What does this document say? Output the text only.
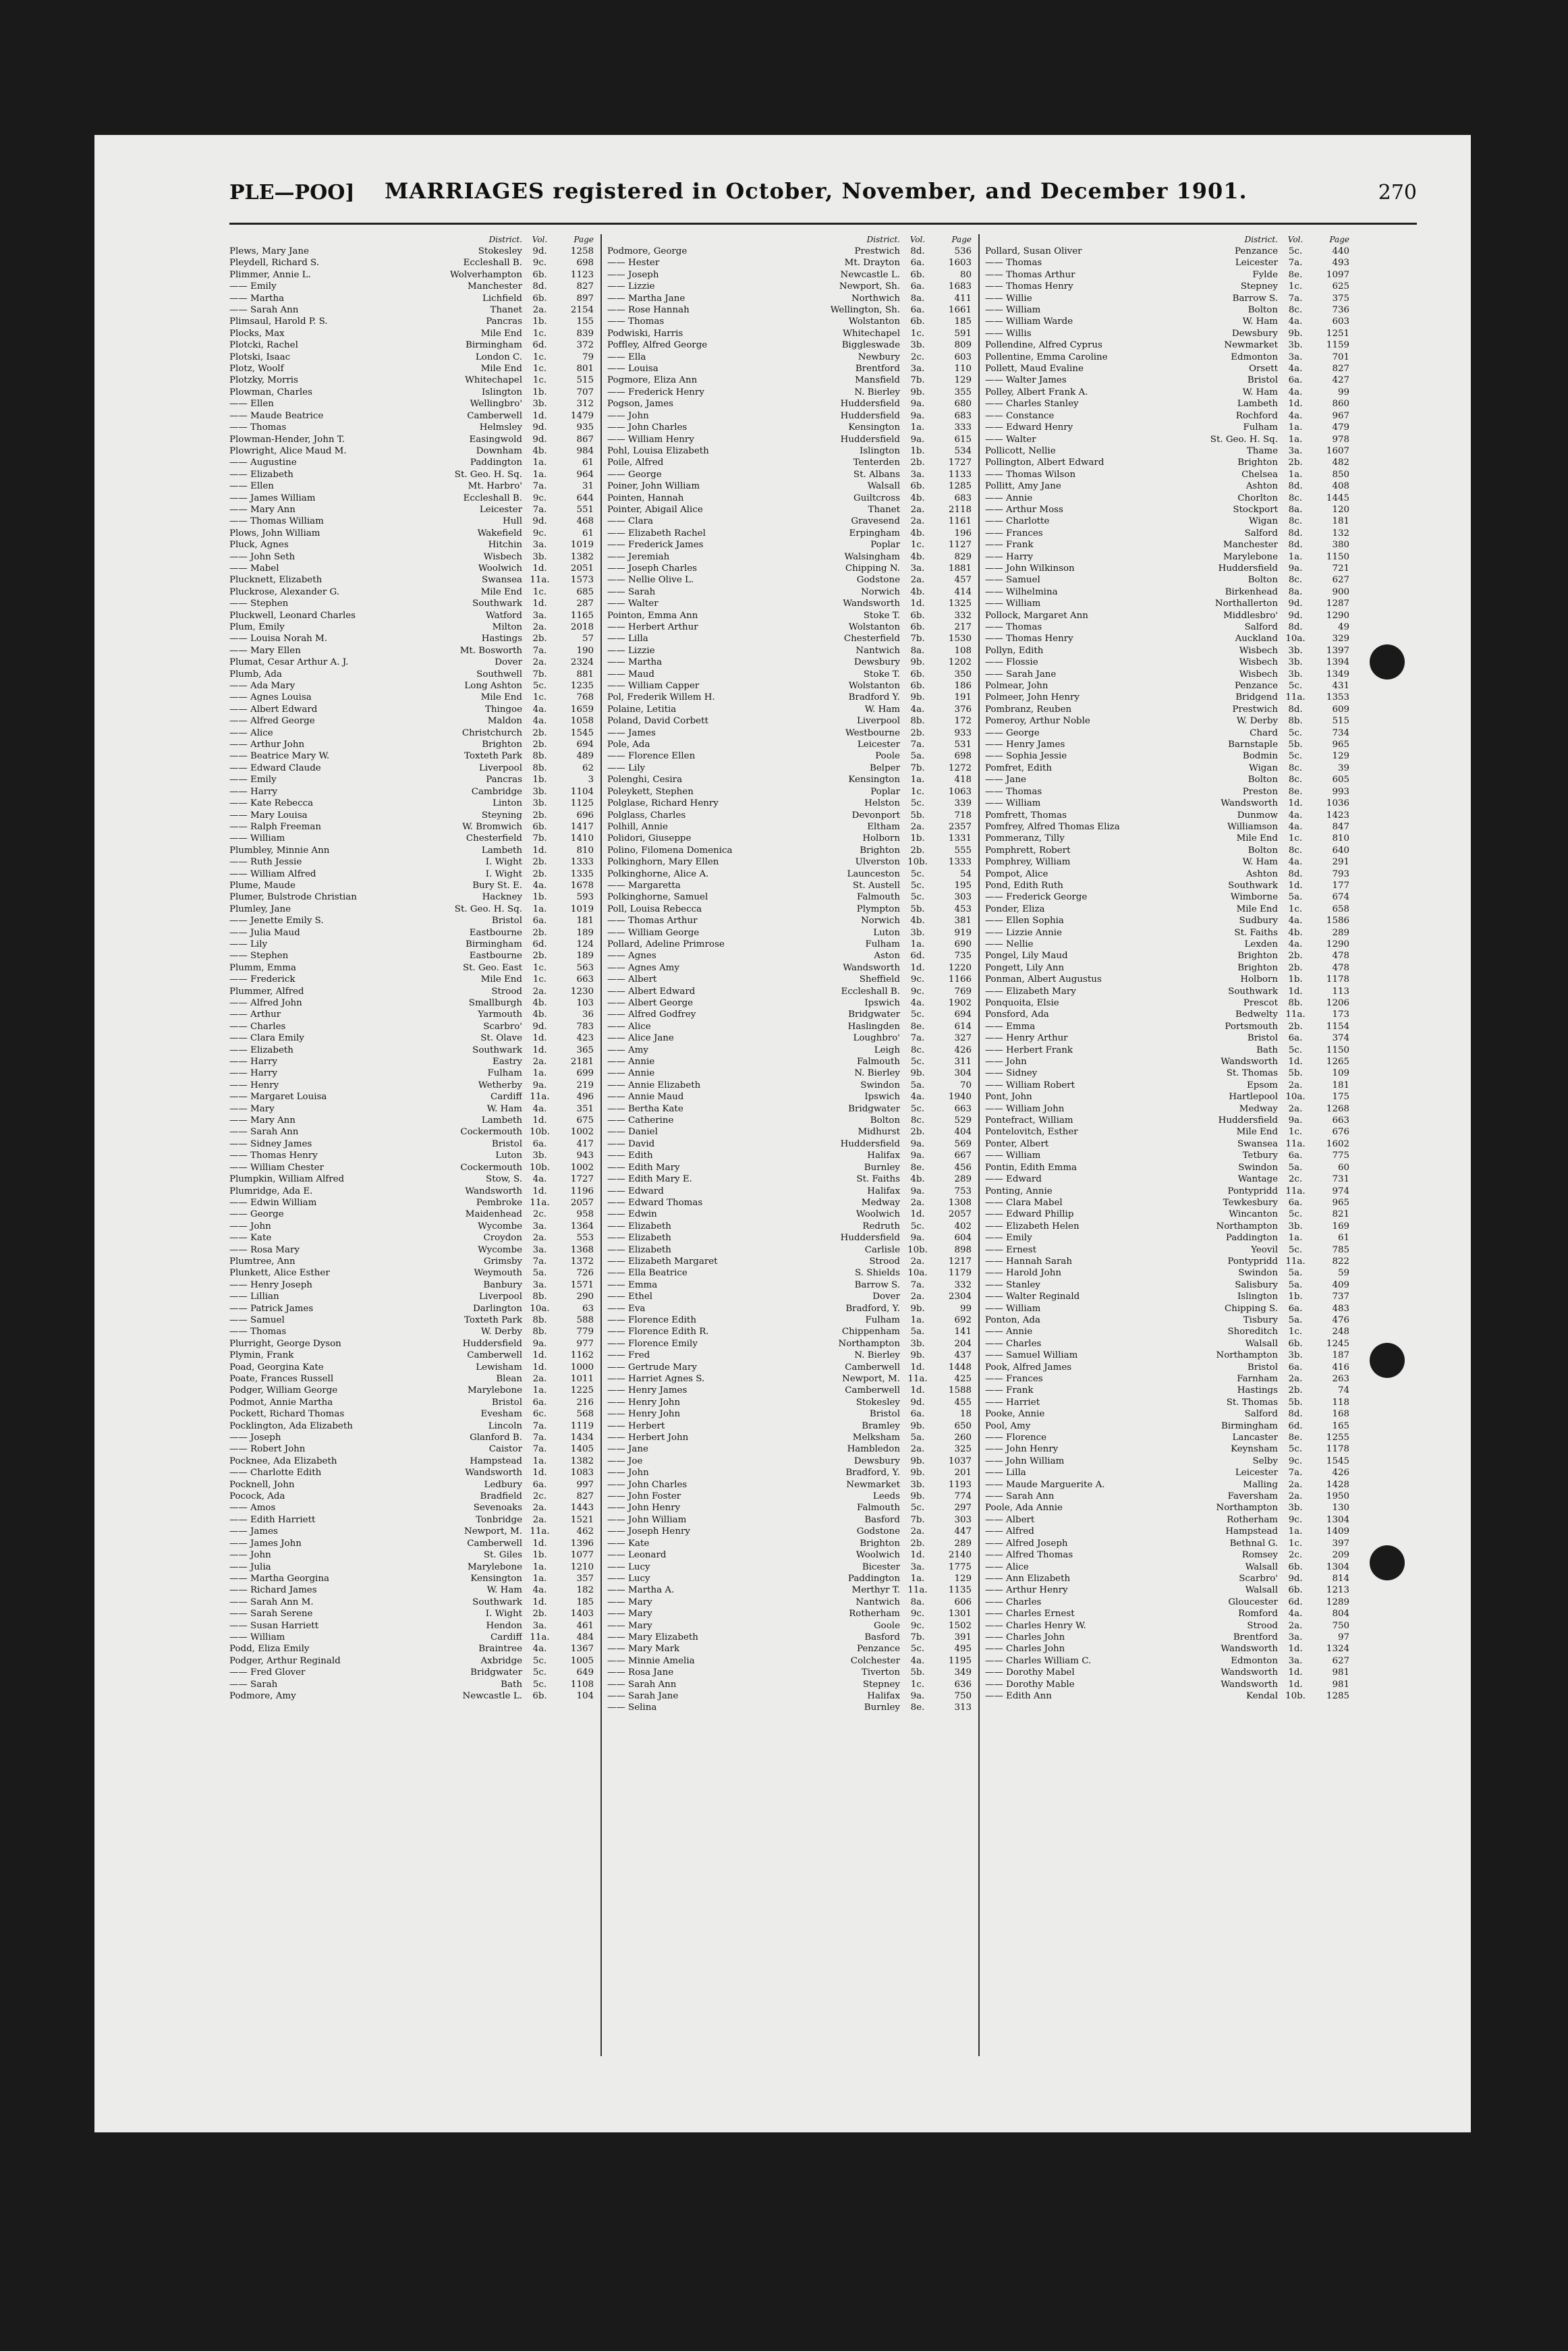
PLE—POO] MARRIAGES registered in October, November, and December 1901.	270
District.	Vol.	Page
Plews, Mary Jane	Stokesley	9d.	1258
Pleydell, Richard S.	Eccleshall B.	9c.	698
Plimmer, Annie L.	Wolverhampton	6b.	1123
—— Emily	Manchester	8d.	827
—— Martha	Lichfield	6b.	897
—— Sarah Ann	Thanet	2a.	2154
Plimsaul, Harold P. S.	Pancras	1b.	155
Plocks, Max	Mile End	1c.	839
Plotcki, Rachel	Birmingham	6d.	372
Plotski, Isaac	London C.	1c.	79
Plotz, Woolf	Mile End	1c.	801
Plotzky, Morris	Whitechapel	1c.	515
Plowman, Charles	Islington	1b.	707
—— Ellen	Wellingbro'	3b.	312
—— Maude Beatrice	Camberwell	1d.	1479
—— Thomas	Helmsley	9d.	935
Plowman-Hender, John T.	Easingwold	9d.	867
Plowright, Alice Maud M.	Downham	4b.	984
—— Augustine	Paddington	1a.	61
—— Elizabeth	St. Geo. H. Sq.	1a.	964
—— Ellen	Mt. Harbro'	7a.	31
—— James William	Eccleshall B.	9c.	644
—— Mary Ann	Leicester	7a.	551
—— Thomas William	Hull	9d.	468
Plows, John William	Wakefield	9c.	61
Pluck, Agnes	Hitchin	3a.	1019
—— John Seth	Wisbech	3b.	1382
—— Mabel	Woolwich	1d.	2051
Plucknett, Elizabeth	Swansea 11a.	1573
Pluckrose, Alexander G.	Mile End	1c.	685
—— Stephen	Southwark	1d.	287
Pluckwell, Leonard Charles	Watford	3a.	1165
Plum, Emily	Milton	2a.	2018
—— Louisa Norah M.	Hastings	2b.	57
—— Mary Ellen	Mt. Bosworth	7a.	190
Plumat, Cesar Arthur A. J.	Dover	2a.	2324
Plumb, Ada	Southwell	7b.	881
—— Ada Mary	Long Ashton	5c.	1235
—— Agnes Louisa	Mile End	1c.	768
—— Albert Edward	Thingoe	4a.	1659
—— Alfred George	Maldon	4a.	1058
—— Alice	Christchurch	2b.	1545
—— Arthur John	Brighton	2b.	694
—— Beatrice Mary W.	Toxteth Park	8b.	489
—— Edward Claude	Liverpool	8b.	62
—— Emily	Pancras	1b.	3
—— Harry	Cambridge	3b.	1104
—— Kate Rebecca	Linton	3b.	1125
—— Mary Louisa	Steyning	2b.	696
—— Ralph Freeman	W. Bromwich	6b.	1417
—— William	Chesterfield	7b.	1410
Plumbley, Minnie Ann	Lambeth	1d.	810
—— Ruth Jessie	I. Wight	2b.	1333
—— William Alfred	I. Wight	2b.	1335
Plume, Maude	Bury St. E.	4a.	1678
Plumer, Bulstrode Christian	Hackney	1b.	593
Plumley, Jane	St. Geo. H. Sq.	1a.	1019
—— Jenette Emily S.	Bristol	6a.	181
—— Julia Maud	Eastbourne	2b.	189
—— Lily	Birmingham	6d.	124
—— Stephen	Eastbourne	2b.	189
Plumm, Emma	St. Geo. East	1c.	563
—— Frederick	Mile End	1c.	663
Plummer, Alfred	Strood	2a.	1230
—— Alfred John	Smallburgh	4b.	103
—— Arthur	Yarmouth	4b.	36
—— Charles	Scarbro'	9d.	783
—— Clara Emily	St. Olave	1d.	423
—— Elizabeth	Southwark	1d.	365
—— Harry	Eastry	2a.	2181
—— Harry	Fulham	1a.	699
—— Henry	Wetherby	9a.	219
—— Margaret Louisa	Cardiff 11a.	496
—— Mary	W. Ham	4a.	351
—— Mary Ann	Lambeth	1d.	675
—— Sarah Ann	Cockermouth 10b.	1002
—— Sidney James	Bristol	6a.	417
—— Thomas Henry	Luton	3b.	943
—— William Chester	Cockermouth 10b.	1002
Plumpkin, William Alfred	Stow, S.	4a.	1727
Plumridge, Ada E.	Wandsworth	1d.	1196
—— Edwin William	Pembroke 11a.	2057
—— George	Maidenhead	2c.	958
—— John	Wycombe	3a.	1364
—— Kate	Croydon	2a.	553
—— Rosa Mary	Wycombe	3a.	1368
Plumtree, Ann	Grimsby	7a.	1372
Plunkett, Alice Esther	Weymouth	5a.	726
—— Henry Joseph	Banbury	3a.	1571
—— Lillian	Liverpool	8b.	290
—— Patrick James	Darlington 10a.	63
—— Samuel	Toxteth Park	8b.	588
—— Thomas	W. Derby	8b.	779
Plurright, George Dyson	Huddersfield	9a.	977
Plymin, Frank	Camberwell	1d.	1162
Poad, Georgina Kate	Lewisham	1d.	1000
Poate, Frances Russell	Blean	2a.	1011
Podger, William George	Marylebone	1a.	1225
Podmot, Annie Martha	Bristol	6a.	216
Pockett, Richard Thomas	Evesham	6c.	568
Pocklington, Ada Elizabeth	Lincoln	7a.	1119
—— Joseph	Glanford B.	7a.	1434
—— Robert John	Caistor	7a.	1405
Pocknee, Ada Elizabeth	Hampstead	1a.	1382
—— Charlotte Edith	Wandsworth	1d.	1083
Pocknell, John	Ledbury	6a.	997
Pocock, Ada	Bradfield	2c.	827
—— Amos	Sevenoaks	2a.	1443
—— Edith Harriett	Tonbridge	2a.	1521
—— James	Newport, M. 11a.	462
—— James John	Camberwell	1d.	1396
—— John	St. Giles	1b.	1077
—— Julia	Marylebone	1a.	1210
—— Martha Georgina	Kensington	1a.	357
—— Richard James	W. Ham	4a.	182
—— Sarah Ann M.	Southwark	1d.	185
—— Sarah Serene	I. Wight	2b.	1403
—— Susan Harriett	Hendon	3a.	461
—— William	Cardiff 11a.	484
Podd, Eliza Emily	Braintree	4a.	1367
Podger, Arthur Reginald	Axbridge	5c.	1005
—— Fred Glover	Bridgwater	5c.	649
—— Sarah	Bath	5c.	1108
Podmore, Amy	Newcastle L.	6b.	104
District.	Vol.	Page
Podmore, George	Prestwich	8d.	536
—— Hester	Mt. Drayton	6a.	1603
—— Joseph	Newcastle L.	6b.	80
—— Lizzie	Newport, Sh.	6a.	1683
—— Martha Jane	Northwich	8a.	411
—— Rose Hannah	Wellington, Sh.	6a.	1661
—— Thomas	Wolstanton	6b.	185
Podwiski, Harris	Whitechapel	1c.	591
Poffley, Alfred George	Biggleswade	3b.	809
—— Ella	Newbury	2c.	603
—— Louisa	Brentford	3a.	110
Pogmore, Eliza Ann	Mansfield	7b.	129
—— Frederick Henry	N. Bierley	9b.	355
Pogson, James	Huddersfield	9a.	680
—— John	Huddersfield	9a.	683
—— John Charles	Kensington	1a.	333
—— William Henry	Huddersfield	9a.	615
Pohl, Louisa Elizabeth	Islington	1b.	534
Poile, Alfred	Tenterden	2b.	1727
—— George	St. Albans	3a.	1133
Poiner, John William	Walsall	6b.	1285
Pointen, Hannah	Guiltcross	4b.	683
Pointer, Abigail Alice	Thanet	2a.	2118
—— Clara	Gravesend	2a.	1161
—— Elizabeth Rachel	Erpingham	4b.	196
—— Frederick James	Poplar	1c.	1127
—— Jeremiah	Walsingham	4b.	829
—— Joseph Charles	Chipping N.	3a.	1881
—— Nellie Olive L.	Godstone	2a.	457
—— Sarah	Norwich	4b.	414
—— Walter	Wandsworth	1d.	1325
Pointon, Emma Ann	Stoke T.	6b.	332
—— Herbert Arthur	Wolstanton	6b.	217
—— Lilla	Chesterfield	7b.	1530
—— Lizzie	Nantwich	8a.	108
—— Martha	Dewsbury	9b.	1202
—— Maud	Stoke T.	6b.	350
—— William Capper	Wolstanton	6b.	186
Pol, Frederik Willem H.	Bradford Y.	9b.	191
Polaine, Letitia	W. Ham	4a.	376
Poland, David Corbett	Liverpool	8b.	172
—— James	Westbourne	2b.	933
Pole, Ada	Leicester	7a.	531
—— Florence Ellen	Poole	5a.	698
—— Lily	Belper	7b.	1272
Polenghi, Cesira	Kensington	1a.	418
Poleykett, Stephen	Poplar	1c.	1063
Polglase, Richard Henry	Helston	5c.	339
Polglass, Charles	Devonport	5b.	718
Polhill, Annie	Eltham	2a.	2357
Polidori, Giuseppe	Holborn	1b.	1331
Polino, Filomena Domenica	Brighton	2b.	555
Polkinghorn, Mary Ellen	Ulverston 10b.	1333
Polkinghorne, Alice A.	Launceston	5c.	54
—— Margaretta	St. Austell	5c.	195
Polkinghorne, Samuel	Falmouth	5c.	303
Poll, Louisa Rebecca	Plympton	5b.	453
—— Thomas Arthur	Norwich	4b.	381
—— William George	Luton	3b.	919
Pollard, Adeline Primrose	Fulham	1a.	690
—— Agnes	Aston	6d.	735
—— Agnes Amy	Wandsworth	1d.	1220
—— Albert	Sheffield	9c.	1166
—— Albert Edward	Eccleshall B.	9c.	769
—— Albert George	Ipswich	4a.	1902
—— Alfred Godfrey	Bridgwater	5c.	694
—— Alice	Haslingden	8e.	614
—— Alice Jane	Loughbro'	7a.	327
—— Amy	Leigh	8c.	426
—— Annie	Falmouth	5c.	311
—— Annie	N. Bierley	9b.	304
—— Annie Elizabeth	Swindon	5a.	70
—— Annie Maud	Ipswich	4a.	1940
—— Bertha Kate	Bridgwater	5c.	663
—— Catherine	Bolton	8c.	529
—— Daniel	Midhurst	2b.	404
—— David	Huddersfield	9a.	569
—— Edith	Halifax	9a.	667
—— Edith Mary	Burnley	8e.	456
—— Edith Mary E.	St. Faiths	4b.	289
—— Edward	Halifax	9a.	753
—— Edward Thomas	Medway	2a.	1308
—— Edwin	Woolwich	1d.	2057
—— Elizabeth	Redruth	5c.	402
—— Elizabeth	Huddersfield	9a.	604
—— Elizabeth	Carlisle 10b.	898
—— Elizabeth Margaret	Strood	2a.	1217
—— Ella Beatrice	S. Shields 10a.	1179
—— Emma	Barrow S.	7a.	332
—— Ethel	Dover	2a.	2304
—— Eva	Bradford, Y.	9b.	99
—— Florence Edith	Fulham	1a.	692
—— Florence Edith R.	Chippenham	5a.	141
—— Florence Emily	Northampton	3b.	204
—— Fred	N. Bierley	9b.	437
—— Gertrude Mary	Camberwell	1d.	1448
—— Harriet Agnes S.	Newport, M. 11a.	425
—— Henry James	Camberwell	1d.	1588
—— Henry John	Stokesley	9d.	455
—— Henry John	Bristol	6a.	18
—— Herbert	Bramley	9b.	650
—— Herbert John	Melksham	5a.	260
—— Jane	Hambledon	2a.	325
—— Joe	Dewsbury	9b.	1037
—— John	Bradford, Y.	9b.	201
—— John Charles	Newmarket	3b.	1193
—— John Foster	Leeds	9b.	774
—— John Henry	Falmouth	5c.	297
—— John William	Basford	7b.	303
—— Joseph Henry	Godstone	2a.	447
—— Kate	Brighton	2b.	289
—— Leonard	Woolwich	1d.	2140
—— Lucy	Bicester	3a.	1775
—— Lucy	Paddington	1a.	129
—— Martha A.	Merthyr T. 11a.	1135
—— Mary	Nantwich	8a.	606
—— Mary	Rotherham	9c.	1301
—— Mary	Goole	9c.	1502
—— Mary Elizabeth	Basford	7b.	391
—— Mary Mark	Penzance	5c.	495
—— Minnie Amelia	Colchester	4a.	1195
—— Rosa Jane	Tiverton	5b.	349
—— Sarah Ann	Stepney	1c.	636
—— Sarah Jane	Halifax	9a.	750
—— Selina	Burnley	8e.	313
District.	Vol.	Page
Pollard, Susan Oliver	Penzance	5c.	440
—— Thomas	Leicester	7a.	493
—— Thomas Arthur	Fylde	8e.	1097
—— Thomas Henry	Stepney	1c.	625
—— Willie	Barrow S.	7a.	375
—— William	Bolton	8c.	736
—— William Warde	W. Ham	4a.	603
—— Willis	Dewsbury	9b.	1251
Pollendine, Alfred Cyprus	Newmarket	3b.	1159
Pollentine, Emma Caroline	Edmonton	3a.	701
Pollett, Maud Evaline	Orsett	4a.	827
—— Walter James	Bristol	6a.	427
Polley, Albert Frank A.	W. Ham	4a.	99
—— Charles Stanley	Lambeth	1d.	860
—— Constance	Rochford	4a.	967
—— Edward Henry	Fulham	1a.	479
—— Walter	St. Geo. H. Sq.	1a.	978
Pollicott, Nellie	Thame	3a.	1607
Pollington, Albert Edward	Brighton	2b.	482
—— Thomas Wilson	Chelsea	1a.	850
Pollitt, Amy Jane	Ashton	8d.	408
—— Annie	Chorlton	8c.	1445
—— Arthur Moss	Stockport	8a.	120
—— Charlotte	Wigan	8c.	181
—— Frances	Salford	8d.	132
—— Frank	Manchester	8d.	380
—— Harry	Marylebone	1a.	1150
—— John Wilkinson	Huddersfield	9a.	721
—— Samuel	Bolton	8c.	627
—— Wilhelmina	Birkenhead	8a.	900
—— William	Northallerton	9d.	1287
Pollock, Margaret Ann	Middlesbro'	9d.	1290
—— Thomas	Salford	8d.	49
—— Thomas Henry	Auckland 10a.	329
Pollyn, Edith	Wisbech	3b.	1397
—— Flossie	Wisbech	3b.	1394
—— Sarah Jane	Wisbech	3b.	1349
Polmear, John	Penzance	5c.	431
Polmeer, John Henry	Bridgend 11a.	1353
Pombranz, Reuben	Prestwich	8d.	609
Pomeroy, Arthur Noble	W. Derby	8b.	515
—— George	Chard	5c.	734
—— Henry James	Barnstaple	5b.	965
—— Sophia Jessie	Bodmin	5c.	129
Pomfret, Edith	Wigan	8c.	39
—— Jane	Bolton	8c.	605
—— Thomas	Preston	8e.	993
—— William	Wandsworth	1d.	1036
Pomfrett, Thomas	Dunmow	4a.	1423
Pomfrey, Alfred Thomas Eliza	Williamson	4a.	847
Pommeranz, Tilly	Mile End	1c.	810
Pomphrett, Robert	Bolton	8c.	640
Pomphrey, William	W. Ham	4a.	291
Pompot, Alice	Ashton	8d.	793
Pond, Edith Ruth	Southwark	1d.	177
—— Frederick George	Wimborne	5a.	674
Ponder, Eliza	Mile End	1c.	658
—— Ellen Sophia	Sudbury	4a.	1586
—— Lizzie Annie	St. Faiths	4b.	289
—— Nellie	Lexden	4a.	1290
Pongel, Lily Maud	Brighton	2b.	478
Pongett, Lily Ann	Brighton	2b.	478
Ponman, Albert Augustus	Holborn	1b.	1178
—— Elizabeth Mary	Southwark	1d.	113
Ponquoita, Elsie	Prescot	8b.	1206
Ponsford, Ada	Bedwelty 11a.	173
—— Emma	Portsmouth	2b.	1154
—— Henry Arthur	Bristol	6a.	374
—— Herbert Frank	Bath	5c.	1150
—— John	Wandsworth	1d.	1265
—— Sidney	St. Thomas	5b.	109
—— William Robert	Epsom	2a.	181
Pont, John	Hartlepool 10a.	175
—— William John	Medway	2a.	1268
Pontefract, William	Huddersfield	9a.	663
Pontelovitch, Esther	Mile End	1c.	676
Ponter, Albert	Swansea 11a.	1602
—— William	Tetbury	6a.	775
Pontin, Edith Emma	Swindon	5a.	60
—— Edward	Wantage	2c.	731
Ponting, Annie	Pontypridd 11a.	974
—— Clara Mabel	Tewkesbury	6a.	965
—— Edward Phillip	Wincanton	5c.	821
—— Elizabeth Helen	Northampton	3b.	169
—— Emily	Paddington	1a.	61
—— Ernest	Yeovil	5c.	785
—— Hannah Sarah	Pontypridd 11a.	822
—— Harold John	Swindon	5a.	59
—— Stanley	Salisbury	5a.	409
—— Walter Reginald	Islington	1b.	737
—— William	Chipping S.	6a.	483
Ponton, Ada	Tisbury	5a.	476
—— Annie	Shoreditch	1c.	248
—— Charles	Walsall	6b.	1245
—— Samuel William	Northampton	3b.	187
Pook, Alfred James	Bristol	6a.	416
—— Frances	Farnham	2a.	263
—— Frank	Hastings	2b.	74
—— Harriet	St. Thomas	5b.	118
Pooke, Annie	Salford	8d.	168
Pool, Amy	Birmingham	6d.	165
—— Florence	Lancaster	8e.	1255
—— John Henry	Keynsham	5c.	1178
—— John William	Selby	9c.	1545
—— Lilla	Leicester	7a.	426
—— Maude Marguerite A.	Malling	2a.	1428
—— Sarah Ann	Faversham	2a.	1950
Poole, Ada Annie	Northampton	3b.	130
—— Albert	Rotherham	9c.	1304
—— Alfred	Hampstead	1a.	1409
—— Alfred Joseph	Bethnal G.	1c.	397
—— Alfred Thomas	Romsey	2c.	209
—— Alice	Walsall	6b.	1304
—— Ann Elizabeth	Scarbro'	9d.	814
—— Arthur Henry	Walsall	6b.	1213
—— Charles	Gloucester	6d.	1289
—— Charles Ernest	Romford	4a.	804
—— Charles Henry W.	Strood	2a.	750
—— Charles John	Brentford	3a.	97
—— Charles John	Wandsworth	1d.	1324
—— Charles William C.	Edmonton	3a.	627
—— Dorothy Mabel	Wandsworth	1d.	981
—— Dorothy Mable	Wandsworth	1d.	981
—— Edith Ann	Kendal 10b.	1285
